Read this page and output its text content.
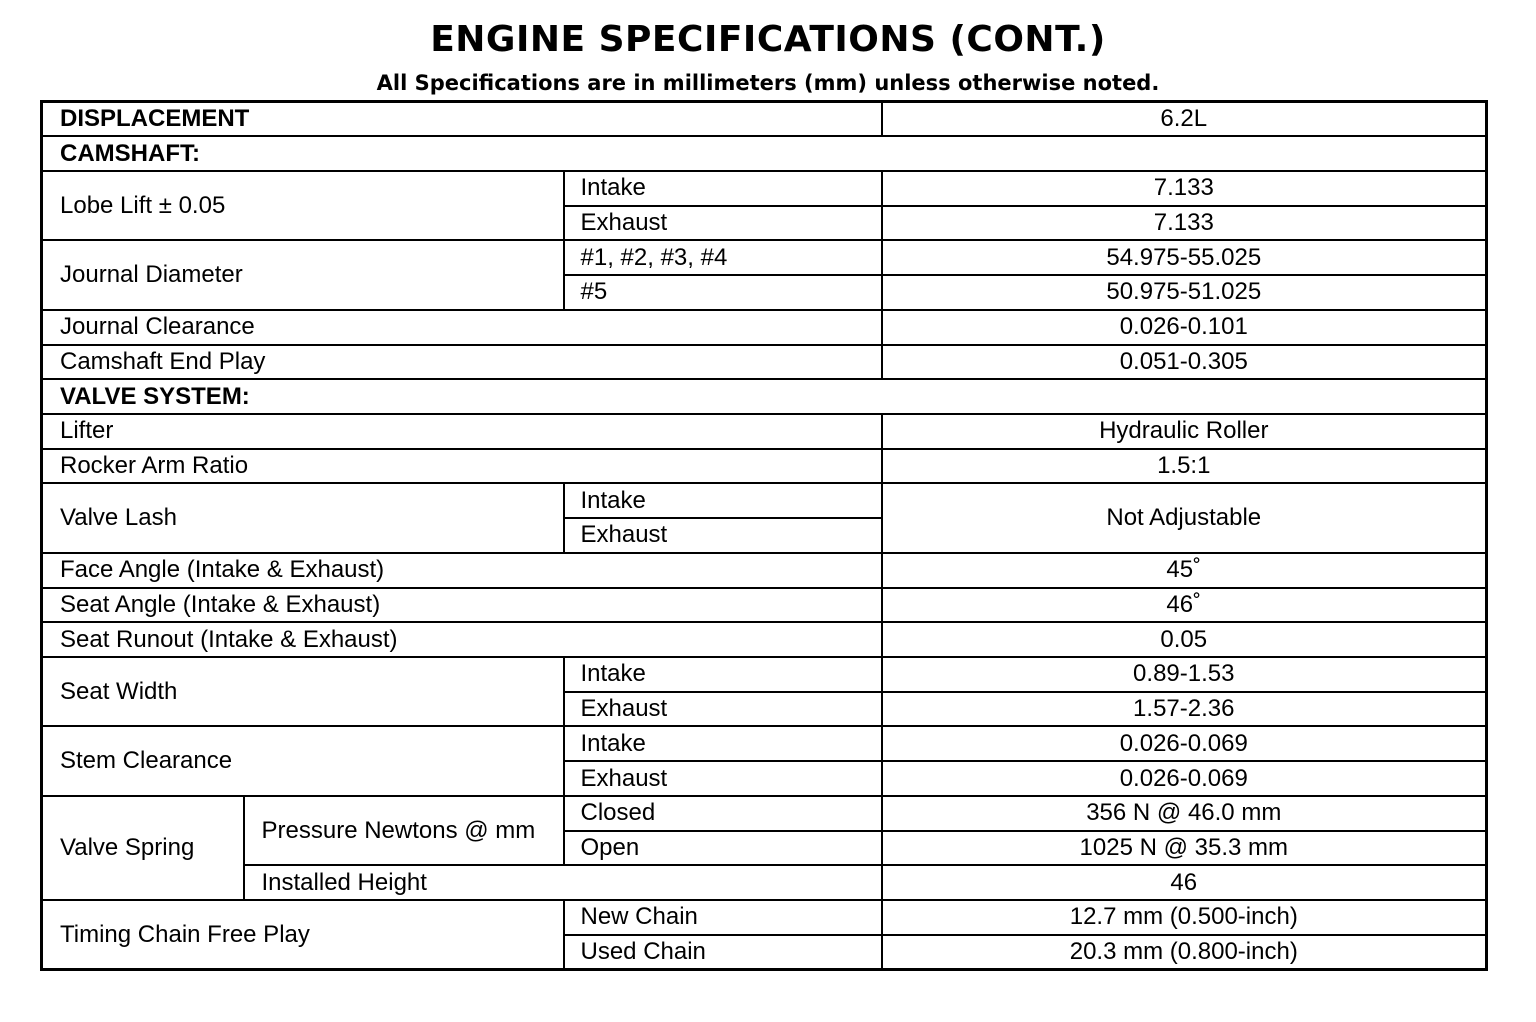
ENGINE SPECIFICATIONS (CONT.)

All Specifications are in millimeters (mm) unless otherwise noted.

DISPLACEMENT			6.2L
CAMSHAFT:			
Lobe Lift ± 0.05		Intake	7.133
		Exhaust	7.133
Journal Diameter		#1, #2, #3, #4	54.975-55.025
		#5	50.975-51.025
Journal Clearance			0.026-0.101
Camshaft End Play			0.051-0.305
VALVE SYSTEM:			
Lifter			Hydraulic Roller
Rocker Arm Ratio			1.5:1
Valve Lash		Intake	Not Adjustable
		Exhaust	
Face Angle (Intake & Exhaust)			45˚
Seat Angle (Intake & Exhaust)			46˚
Seat Runout (Intake & Exhaust)			0.05
Seat Width		Intake	0.89-1.53
		Exhaust	1.57-2.36
Stem Clearance		Intake	0.026-0.069
		Exhaust	0.026-0.069
Valve Spring	Pressure Newtons @ mm	Closed	356 N @ 46.0 mm
		Open	1025 N @ 35.3 mm
	Installed Height		46
Timing Chain Free Play		New Chain	12.7 mm (0.500-inch)
		Used Chain	20.3 mm (0.800-inch)
